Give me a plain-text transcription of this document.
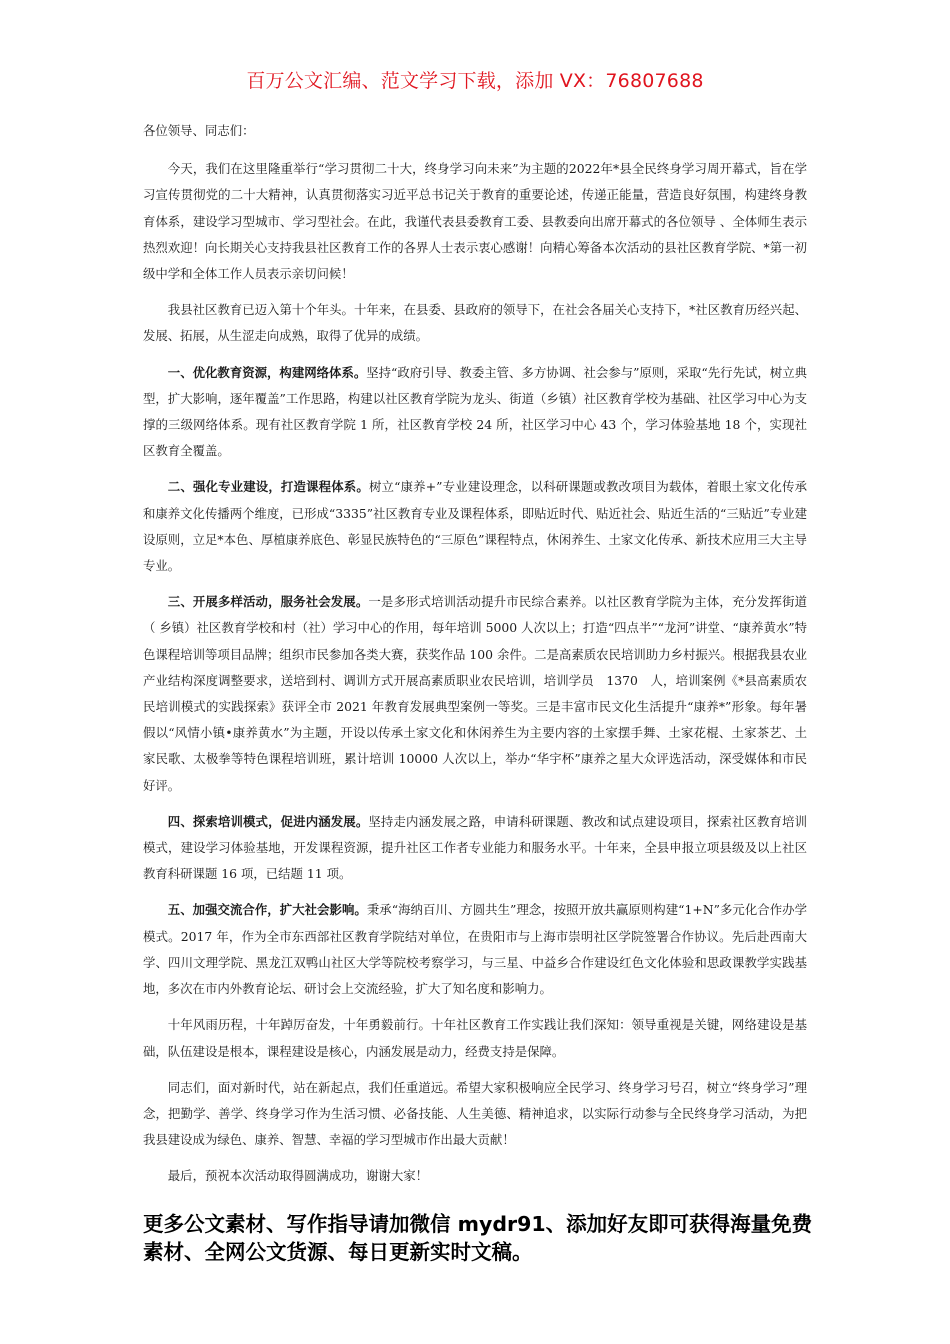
百万公文汇编、范文学习下载，添加 VX：76807688

各位领导、同志们：

今天，我们在这里隆重举行“学习贯彻二十大，终身学习向未来”为主题的2022年*县全民终身学习周开幕式，旨在学习宣传贯彻党的二十大精神，认真贯彻落实习近平总书记关于教育的重要论述，传递正能量，营造良好氛围，构建终身教育体系，建设学习型城市、学习型社会。在此，我谨代表县委教育工委、县教委向出席开幕式的各位领导 、全体师生表示热烈欢迎！向长期关心支持我县社区教育工作的各界人士表示衷心感谢！向精心筹备本次活动的县社区教育学院、*第一初级中学和全体工作人员表示亲切问候！

我县社区教育已迈入第十个年头。十年来，在县委、县政府的领导下，在社会各届关心支持下，*社区教育历经兴起、发展、拓展，从生涩走向成熟，取得了优异的成绩。

一、优化教育资源，构建网络体系。坚持“政府引导、教委主管、多方协调、社会参与”原则，采取“先行先试，树立典型，扩大影响，逐年覆盖”工作思路，构建以社区教育学院为龙头、街道（乡镇）社区教育学校为基础、社区学习中心为支撑的三级网络体系。现有社区教育学院 1 所，社区教育学校 24 所，社区学习中心 43 个，学习体验基地 18 个，实现社区教育全覆盖。

二、强化专业建设，打造课程体系。树立“康养+”专业建设理念，以科研课题或教改项目为载体，着眼土家文化传承和康养文化传播两个维度，已形成“3335”社区教育专业及课程体系，即贴近时代、贴近社会、贴近生活的“三贴近”专业建设原则，立足*本色、厚植康养底色、彰显民族特色的“三原色”课程特点，休闲养生、土家文化传承、新技术应用三大主导专业。

三、开展多样活动，服务社会发展。一是多形式培训活动提升市民综合素养。以社区教育学院为主体，充分发挥街道（ 乡镇）社区教育学校和村（社）学习中心的作用，每年培训 5000 人次以上；打造“四点半”“龙河”讲堂、“康养黄水”特色课程培训等项目品牌；组织市民参加各类大赛，获奖作品 100 余件。二是高素质农民培训助力乡村振兴。根据我县农业产业结构深度调整要求，送培到村、调训方式开展高素质职业农民培训，培训学员　1370　人，培训案例《*县高素质农民培训模式的实践探索》获评全市 2021 年教育发展典型案例一等奖。三是丰富市民文化生活提升“康养*”形象。每年暑假以“风情小镇•康养黄水”为主题，开设以传承土家文化和休闲养生为主要内容的土家摆手舞、土家花棍、土家茶艺、土家民歌、太极拳等特色课程培训班，累计培训 10000 人次以上，举办“华宇杯”康养之星大众评选活动，深受媒体和市民好评。

四、探索培训模式，促进内涵发展。坚持走内涵发展之路，申请科研课题、教改和试点建设项目，探索社区教育培训模式，建设学习体验基地，开发课程资源，提升社区工作者专业能力和服务水平。十年来，全县申报立项县级及以上社区教育科研课题 16 项，已结题 11 项。

五、加强交流合作，扩大社会影响。秉承“海纳百川、方圆共生”理念，按照开放共赢原则构建“1+N”多元化合作办学模式。2017 年，作为全市东西部社区教育学院结对单位，在贵阳市与上海市崇明社区学院签署合作协议。先后赴西南大学、四川文理学院、黑龙江双鸭山社区大学等院校考察学习，与三星、中益乡合作建设红色文化体验和思政课教学实践基地，多次在市内外教育论坛、研讨会上交流经验，扩大了知名度和影响力。

十年风雨历程，十年踔厉奋发，十年勇毅前行。十年社区教育工作实践让我们深知：领导重视是关键，网络建设是基础，队伍建设是根本，课程建设是核心，内涵发展是动力，经费支持是保障。

同志们，面对新时代，站在新起点，我们任重道远。希望大家积极响应全民学习、终身学习号召，树立“终身学习”理念，把勤学、善学、终身学习作为生活习惯、必备技能、人生美德、精神追求，以实际行动参与全民终身学习活动，为把我县建设成为绿色、康养、智慧、幸福的学习型城市作出最大贡献！

最后，预祝本次活动取得圆满成功，谢谢大家！

更多公文素材、写作指导请加微信 mydr91、添加好友即可获得海量免费素材、全网公文货源、每日更新实时文稿。
